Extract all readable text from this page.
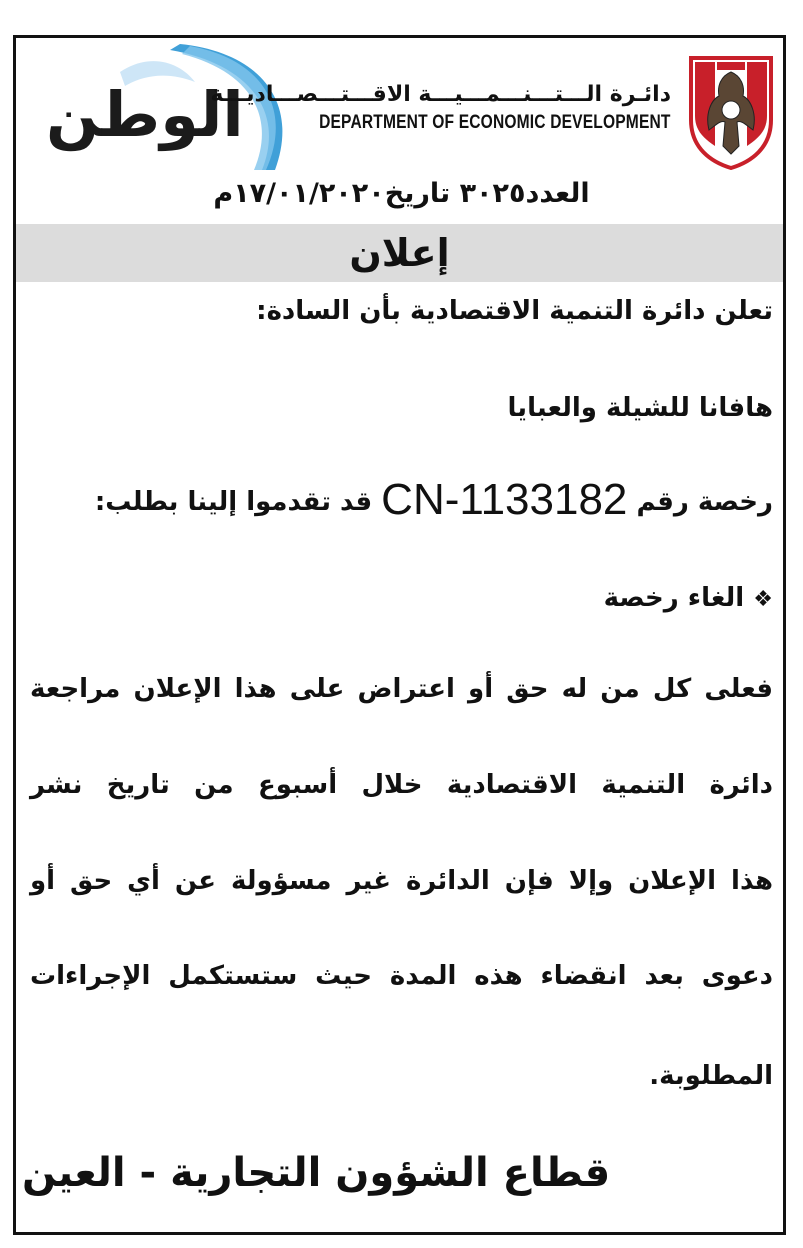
الوطن
دائـرة الـــتـــنـــمـــيـــة الاقـــتـــصـــاديـــة
DEPARTMENT OF ECONOMIC DEVELOPMENT
العدد٣٠٢٥ تاريخ١٧/٠١/٢٠٢٠م
إعلان
تعلن دائرة التنمية الاقتصادية بأن السادة:
هافانا للشيلة والعبايا
رخصة رقم CN-1133182 قد تقدموا إلينا بطلب:
❖ الغاء رخصة
فعلى كل من له حق أو اعتراض على هذا الإعلان مراجعة
دائرة التنمية الاقتصادية خلال أسبوع من تاريخ نشر
هذا الإعلان وإلا فإن الدائرة غير مسؤولة عن أي حق أو
دعوى بعد انقضاء هذه المدة حيث ستستكمل الإجراءات
المطلوبة.
قطاع الشؤون التجارية - العين
